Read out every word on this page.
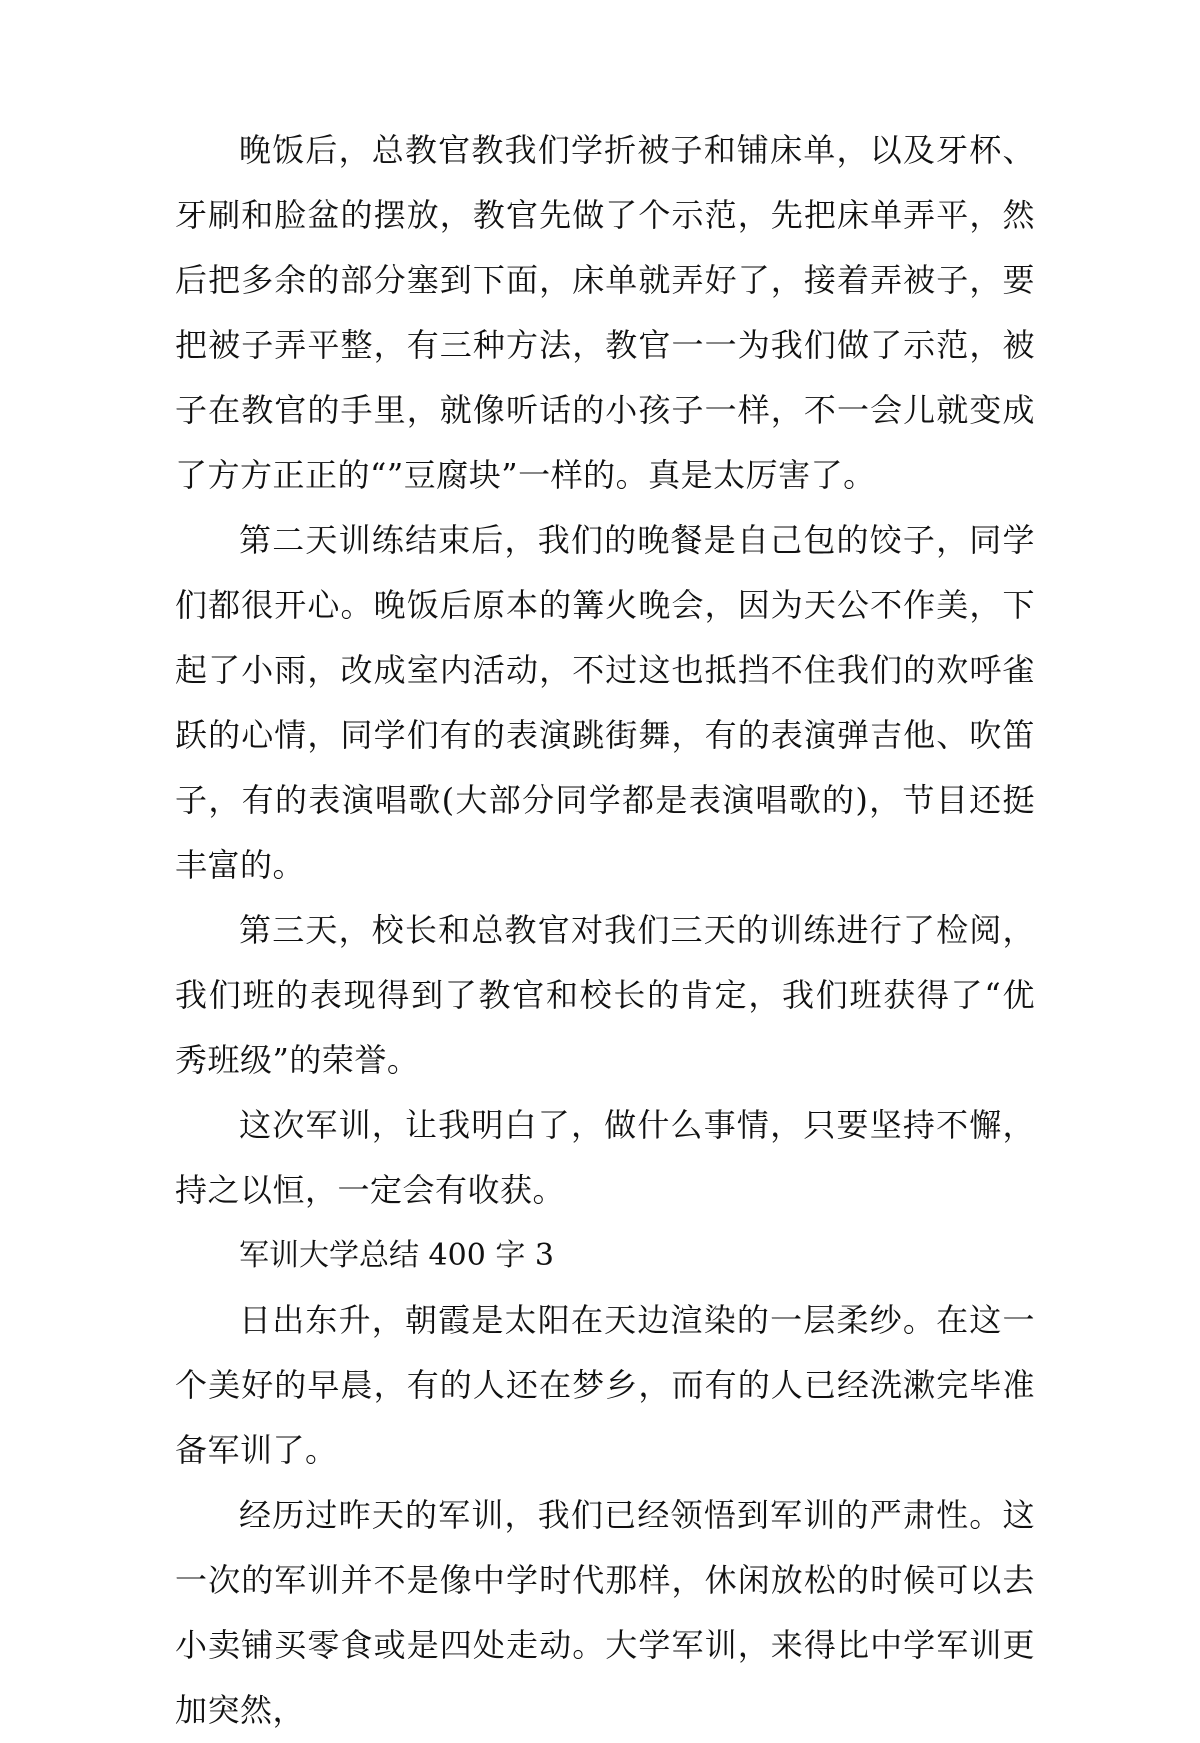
晚饭后，总教官教我们学折被子和铺床单，以及牙杯、牙刷和脸盆的摆放，教官先做了个示范，先把床单弄平，然后把多余的部分塞到下面，床单就弄好了，接着弄被子，要把被子弄平整，有三种方法，教官一一为我们做了示范，被子在教官的手里，就像听话的小孩子一样，不一会儿就变成了方方正正的“”豆腐块”一样的。真是太厉害了。

第二天训练结束后，我们的晚餐是自己包的饺子，同学们都很开心。晚饭后原本的篝火晚会，因为天公不作美，下起了小雨，改成室内活动，不过这也抵挡不住我们的欢呼雀跃的心情，同学们有的表演跳街舞，有的表演弹吉他、吹笛子，有的表演唱歌(大部分同学都是表演唱歌的)，节目还挺丰富的。

第三天，校长和总教官对我们三天的训练进行了检阅，我们班的表现得到了教官和校长的肯定，我们班获得了“优秀班级”的荣誉。

这次军训，让我明白了，做什么事情，只要坚持不懈，持之以恒，一定会有收获。

军训大学总结 400 字 3

日出东升，朝霞是太阳在天边渲染的一层柔纱。在这一个美好的早晨，有的人还在梦乡，而有的人已经洗漱完毕准备军训了。

经历过昨天的军训，我们已经领悟到军训的严肃性。这一次的军训并不是像中学时代那样，休闲放松的时候可以去小卖铺买零食或是四处走动。大学军训，来得比中学军训更加突然，
